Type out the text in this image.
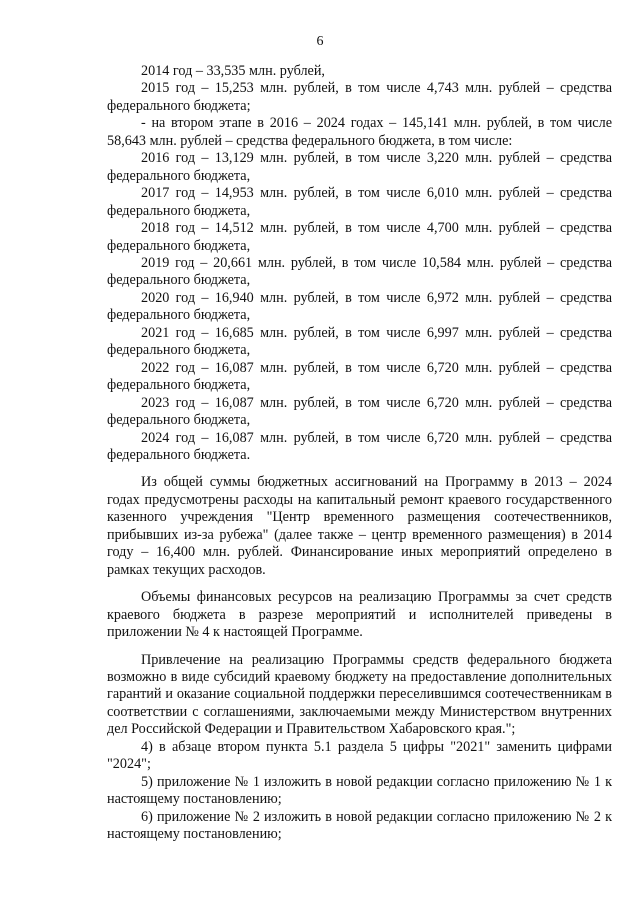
6

2014 год – 33,535 млн. рублей,

2015 год – 15,253 млн. рублей, в том числе 4,743 млн. рублей – средства федерального бюджета;

- на втором этапе в 2016 – 2024 годах – 145,141 млн. рублей, в том числе 58,643 млн. рублей – средства федерального бюджета, в том числе:

2016 год – 13,129 млн. рублей, в том числе 3,220 млн. рублей – средства федерального бюджета,

2017 год – 14,953 млн. рублей, в том числе 6,010 млн. рублей – средства федерального бюджета,

2018 год – 14,512 млн. рублей, в том числе 4,700 млн. рублей – средства федерального бюджета,

2019 год – 20,661 млн. рублей, в том числе 10,584 млн. рублей – средства федерального бюджета,

2020 год – 16,940 млн. рублей, в том числе 6,972 млн. рублей – средства федерального бюджета,

2021 год – 16,685 млн. рублей, в том числе 6,997 млн. рублей – средства федерального бюджета,

2022 год – 16,087 млн. рублей, в том числе 6,720 млн. рублей – средства федерального бюджета,

2023 год – 16,087 млн. рублей, в том числе 6,720 млн. рублей – средства федерального бюджета,

2024 год – 16,087 млн. рублей, в том числе 6,720 млн. рублей – средства федерального бюджета.

Из общей суммы бюджетных ассигнований на Программу в 2013 – 2024 годах предусмотрены расходы на капитальный ремонт краевого государственного казенного учреждения "Центр временного размещения соотечественников, прибывших из-за рубежа" (далее также – центр временного размещения) в 2014 году – 16,400 млн. рублей. Финансирование иных мероприятий определено в рамках текущих расходов.

Объемы финансовых ресурсов на реализацию Программы за счет средств краевого бюджета в разрезе мероприятий и исполнителей приведены в приложении № 4 к настоящей Программе.

Привлечение на реализацию Программы средств федерального бюджета возможно в виде субсидий краевому бюджету на предоставление дополнительных гарантий и оказание социальной поддержки переселившимся соотечественникам в соответствии с соглашениями, заключаемыми между Министерством внутренних дел Российской Федерации и Правительством Хабаровского края.";

4) в абзаце втором пункта 5.1 раздела 5 цифры "2021" заменить цифрами "2024";

5) приложение № 1 изложить в новой редакции согласно приложению № 1 к настоящему постановлению;

6) приложение № 2 изложить в новой редакции согласно приложению № 2 к настоящему постановлению;
